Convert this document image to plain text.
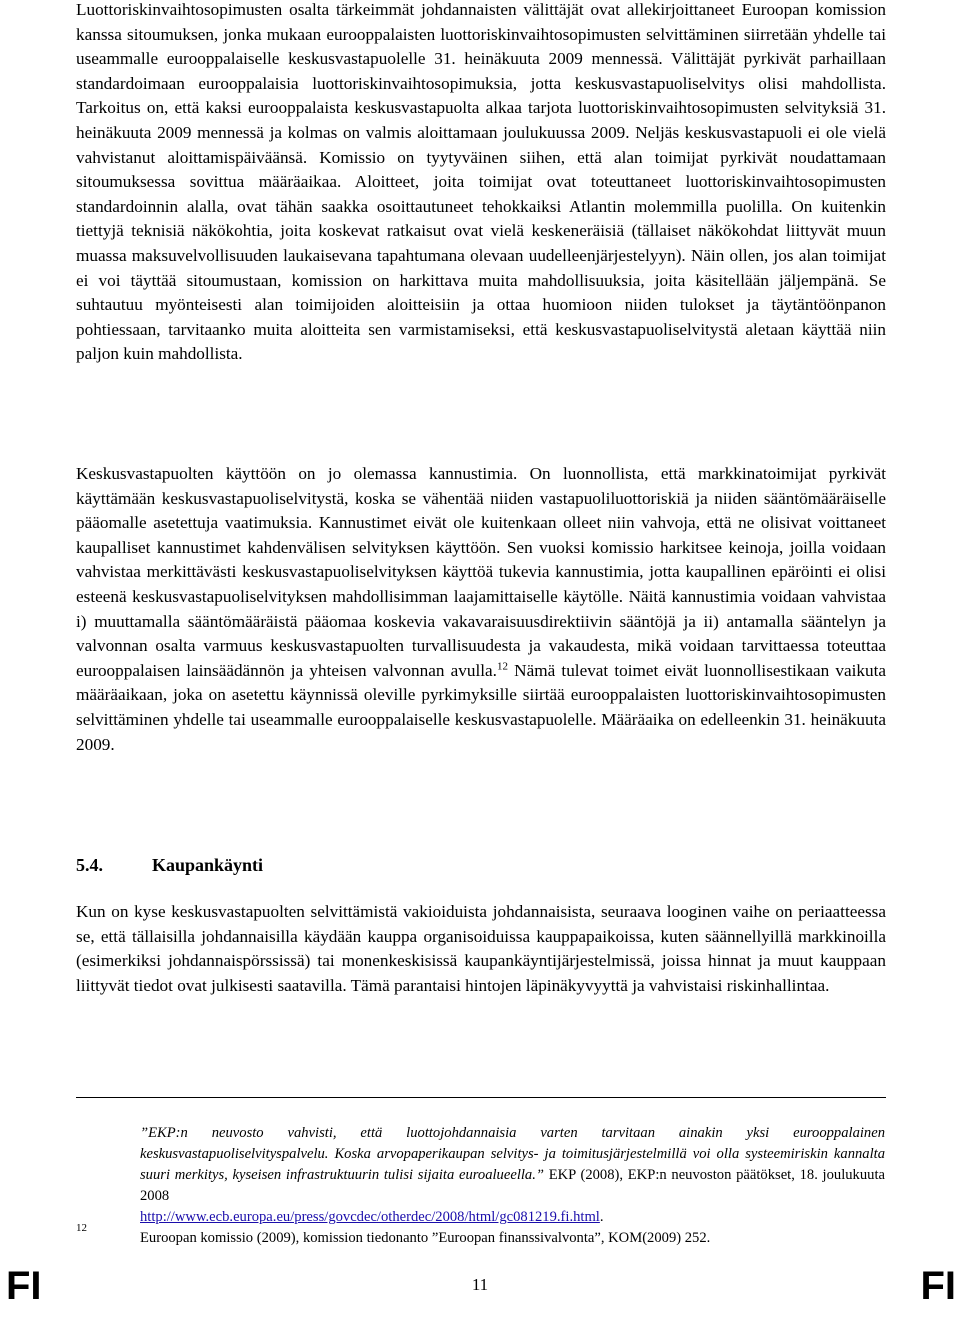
Luottoriskinvaihtosopimusten osalta tärkeimmät johdannaisten välittäjät ovat allekirjoittaneet Euroopan komission kanssa sitoumuksen, jonka mukaan eurooppalaisten luottoriskinvaihtosopimusten selvittäminen siirretään yhdelle tai useammalle eurooppalaiselle keskusvastapuolelle 31. heinäkuuta 2009 mennessä. Välittäjät pyrkivät parhaillaan standardoimaan eurooppalaisia luottoriskinvaihtosopimuksia, jotta keskusvastapuoliselvitys olisi mahdollista. Tarkoitus on, että kaksi eurooppalaista keskusvastapuolta alkaa tarjota luottoriskinvaihtosopimusten selvityksiä 31. heinäkuuta 2009 mennessä ja kolmas on valmis aloittamaan joulukuussa 2009. Neljäs keskusvastapuoli ei ole vielä vahvistanut aloittamispäiväänsä. Komissio on tyytyväinen siihen, että alan toimijat pyrkivät noudattamaan sitoumuksessa sovittua määräaikaa. Aloitteet, joita toimijat ovat toteuttaneet luottoriskinvaihtosopimusten standardoinnin alalla, ovat tähän saakka osoittautuneet tehokkaiksi Atlantin molemmilla puolilla. On kuitenkin tiettyjä teknisiä näkökohtia, joita koskevat ratkaisut ovat vielä keskeneräisiä (tällaiset näkökohdat liittyvät muun muassa maksuvelvollisuuden laukaisevana tapahtumana olevaan uudelleenjärjestelyyn). Näin ollen, jos alan toimijat ei voi täyttää sitoumustaan, komission on harkittava muita mahdollisuuksia, joita käsitellään jäljempänä. Se suhtautuu myönteisesti alan toimijoiden aloitteisiin ja ottaa huomioon niiden tulokset ja täytäntöönpanon pohtiessaan, tarvitaanko muita aloitteita sen varmistamiseksi, että keskusvastapuoliselvitystä aletaan käyttää niin paljon kuin mahdollista.

Keskusvastapuolten käyttöön on jo olemassa kannustimia. On luonnollista, että markkinatoimijat pyrkivät käyttämään keskusvastapuoliselvitystä, koska se vähentää niiden vastapuoliluottoriskiä ja niiden sääntömääräiselle pääomalle asetettuja vaatimuksia. Kannustimet eivät ole kuitenkaan olleet niin vahvoja, että ne olisivat voittaneet kaupalliset kannustimet kahdenvälisen selvityksen käyttöön. Sen vuoksi komissio harkitsee keinoja, joilla voidaan vahvistaa merkittävästi keskusvastapuoliselvityksen käyttöä tukevia kannustimia, jotta kaupallinen epäröinti ei olisi esteenä keskusvastapuoliselvityksen mahdollisimman laajamittaiselle käytölle. Näitä kannustimia voidaan vahvistaa i) muuttamalla sääntömääräistä pääomaa koskevia vakavaraisuusdirektiivin sääntöjä ja ii) antamalla sääntelyn ja valvonnan osalta varmuus keskusvastapuolten turvallisuudesta ja vakaudesta, mikä voidaan tarvittaessa toteuttaa eurooppalaisen lainsäädännön ja yhteisen valvonnan avulla.$^{12}$ Nämä tulevat toimet eivät luonnollisestikaan vaikuta määräaikaan, joka on asetettu käynnissä oleville pyrkimyksille siirtää eurooppalaisten luottoriskinvaihtosopimusten selvittäminen yhdelle tai useammalle eurooppalaiselle keskusvastapuolelle. Määräaika on edelleenkin 31. heinäkuuta 2009.

5.4.	Kaupankäynti

Kun on kyse keskusvastapuolten selvittämistä vakioiduista johdannaisista, seuraava looginen vaihe on periaatteessa se, että tällaisilla johdannaisilla käydään kauppa organisoiduissa kauppapaikoissa, kuten säännellyillä markkinoilla (esimerkiksi johdannaispörssissä) tai monenkeskisissä kaupankäyntijärjestelmissä, joissa hinnat ja muut kauppaan liittyvät tiedot ovat julkisesti saatavilla. Tämä parantaisi hintojen läpinäkyvyyttä ja vahvistaisi riskinhallintaa.

12
”EKP:n neuvosto vahvisti, että luottojohdannaisia varten tarvitaan ainakin yksi eurooppalainen keskusvastapuoliselvityspalvelu. Koska arvopaperikaupan selvitys- ja toimitusjärjestelmillä voi olla systeemiriskin kannalta suuri merkitys, kyseisen infrastruktuurin tulisi sijaita euroalueella.” EKP (2008), EKP:n neuvoston päätökset, 18. joulukuuta 2008
http://www.ecb.europa.eu/press/govcdec/otherdec/2008/html/gc081219.fi.html.
Euroopan komissio (2009), komission tiedonanto ”Euroopan finanssivalvonta”, KOM(2009) 252.
FI	11	FI
